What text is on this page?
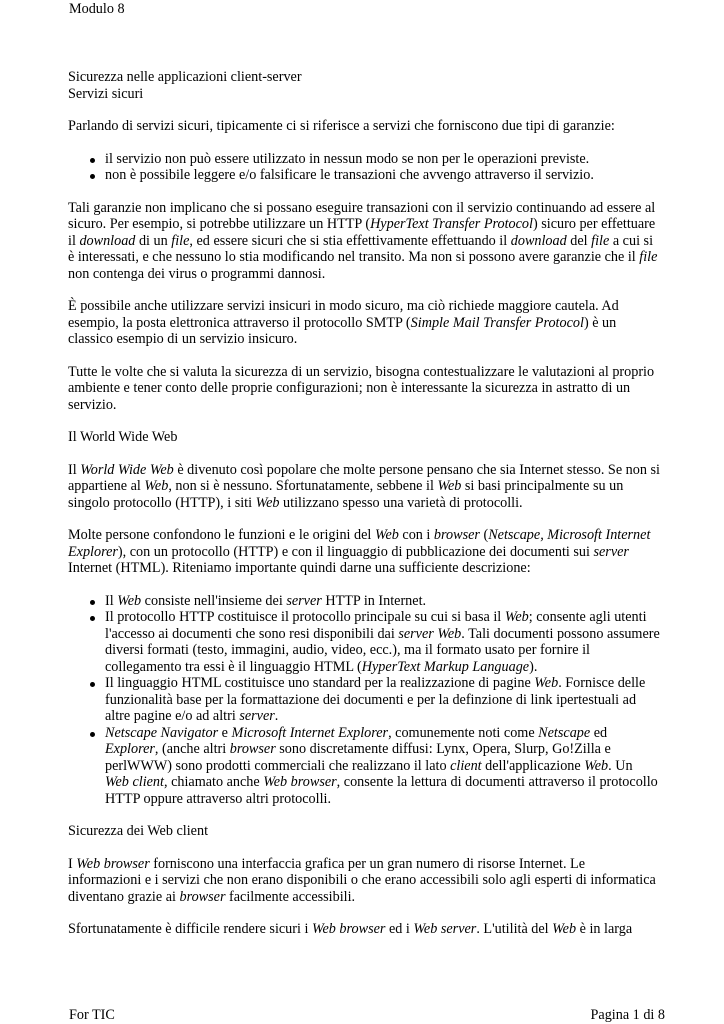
Modulo 8
Sicurezza nelle applicazioni client-server
Servizi sicuri

Parlando di servizi sicuri, tipicamente ci si riferisce a servizi che forniscono due tipi di garanzie:

il servizio non può essere utilizzato in nessun modo se non per le operazioni previste.
non è possibile leggere e/o falsificare le transazioni che avvengo attraverso il servizio.

Tali garanzie non implicano che si possano eseguire transazioni con il servizio continuando ad essere al sicuro. Per esempio, si potrebbe utilizzare un HTTP (HyperText Transfer Protocol) sicuro per effettuare il download di un file, ed essere sicuri che si stia effettivamente effettuando il download del file a cui si è interessati, e che nessuno lo stia modificando nel transito. Ma non si possono avere garanzie che il file non contenga dei virus o programmi dannosi.

È possibile anche utilizzare servizi insicuri in modo sicuro, ma ciò richiede maggiore cautela. Ad esempio, la posta elettronica attraverso il protocollo SMTP (Simple Mail Transfer Protocol) è un classico esempio di un servizio insicuro.

Tutte le volte che si valuta la sicurezza di un servizio, bisogna contestualizzare le valutazioni al proprio ambiente e tener conto delle proprie configurazioni; non è interessante la sicurezza in astratto di un servizio.

Il World Wide Web

Il World Wide Web è divenuto così popolare che molte persone pensano che sia Internet stesso. Se non si appartiene al Web, non si è nessuno. Sfortunatamente, sebbene il Web si basi principalmente su un singolo protocollo (HTTP), i siti Web utilizzano spesso una varietà di protocolli.

Molte persone confondono le funzioni e le origini del Web con i browser (Netscape, Microsoft Internet Explorer), con un protocollo (HTTP) e con il linguaggio di pubblicazione dei documenti sui server Internet (HTML). Riteniamo importante quindi darne una sufficiente descrizione:

Il Web consiste nell'insieme dei server HTTP in Internet.
Il protocollo HTTP costituisce il protocollo principale su cui si basa il Web; consente agli utenti l'accesso ai documenti che sono resi disponibili dai server Web. Tali documenti possono assumere diversi formati (testo, immagini, audio, video, ecc.), ma il formato usato per fornire il collegamento tra essi è il linguaggio HTML (HyperText Markup Language).
Il linguaggio HTML costituisce uno standard per la realizzazione di pagine Web. Fornisce delle funzionalità base per la formattazione dei documenti e per la definzione di link ipertestuali ad altre pagine e/o ad altri server.
Netscape Navigator e Microsoft Internet Explorer, comunemente noti come Netscape ed Explorer, (anche altri browser sono discretamente diffusi: Lynx, Opera, Slurp, Go!Zilla e perlWWW) sono prodotti commerciali che realizzano il lato client dell'applicazione Web. Un Web client, chiamato anche Web browser, consente la lettura di documenti attraverso il protocollo HTTP oppure attraverso altri protocolli.

Sicurezza dei Web client

I Web browser forniscono una interfaccia grafica per un gran numero di risorse Internet. Le informazioni e i servizi che non erano disponibili o che erano accessibili solo agli esperti di informatica diventano grazie ai browser facilmente accessibili.

Sfortunatamente è difficile rendere sicuri i Web browser ed i Web server. L'utilità del Web è in larga

For TIC	Pagina 1 di 8
